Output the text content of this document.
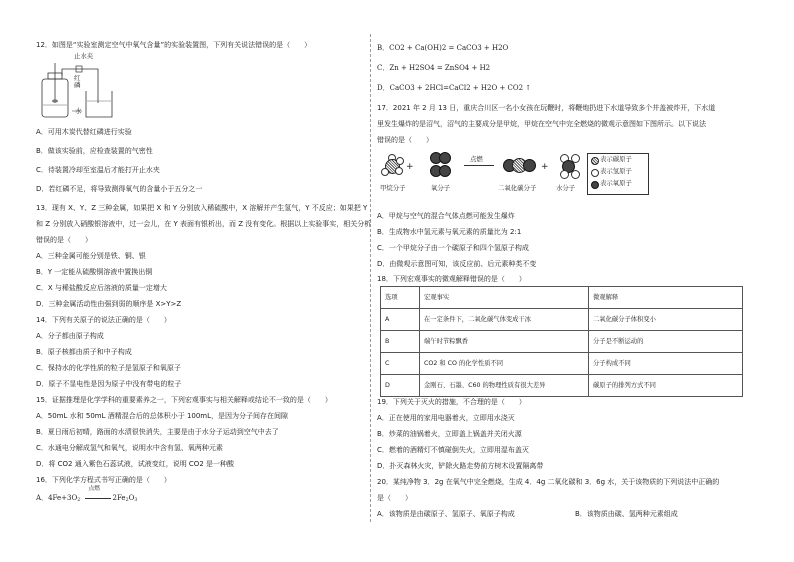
12．如图是“实验室测定空气中氧气含量”的实验装置图，下列有关说法错误的是（　　）
止水夹
红磷
水
A．可用木炭代替红磷进行实验
B．做该实验前，应检查装置的气密性
C．待装置冷却至室温后才能打开止水夹
D．若红磷不足，将导致测得氧气的含量小于五分之一
13．现有 X、Y、Z 三种金属，如果把 X 和 Y 分别放入稀硫酸中，X 溶解并产生氢气，Y 不反应；如果把 Y
和 Z 分别放入硝酸银溶液中，过一会儿，在 Y 表面有银析出，而 Z 没有变化。根据以上实验事实，相关分析
错误的是（　　）
A．三种金属可能分别是铁、铜、银
B．Y 一定能从硫酸铜溶液中置换出铜
C．X 与稀盐酸反应后溶液的质量一定增大
D．三种金属活动性由强到弱的顺序是 X>Y>Z
14．下列有关原子的说法正确的是（　　）
A．分子都由原子构成
B．原子核都由质子和中子构成
C．保持水的化学性质的粒子是氢原子和氧原子
D．原子不显电性是因为原子中没有带电的粒子
15．证据推理是化学学科的重要素养之一，下列宏观事实与相关解释或结论不一致的是（　　）
A．50mL 水和 50mL 酒精混合后的总体积小于 100mL，是因为分子间存在间隙
B．夏日雨后初晴，路面的水渍很快消失，主要是由于水分子运动到空气中去了
C．水通电分解成氢气和氧气，说明水中含有氢、氧两种元素
D．将 CO2 通入紫色石蕊试液，试液变红，说明 CO2 是一种酸
16．下列化学方程式书写正确的是（　　）
A．$4Fe+3O_2$
点燃
$2Fe_2O_3$
B．CO2 + Ca(OH)2 = CaCO3 + H2O
C．Zn + H2SO4 = ZnSO4 + H2
D．CaCO3 + 2HCl=CaCl2 + H2O + CO2 ↑
17．2021 年 2 月 13 日，重庆合川区一名小女孩在玩鞭时，将鞭炮扔进下水道导致多个井盖被炸开，下水道
里发生爆炸的是沼气，沼气的主要成分是甲烷，甲烷在空气中完全燃烧的微观示意图如下图所示。以下说法
错误的是（　　）
甲烷分子
+
氧分子
点燃
二氧化碳分子
+
水分子
表示碳原子
表示氢原子
表示氧原子
A．甲烷与空气的混合气体点燃可能发生爆炸
B．生成物水中氢元素与氧元素的质量比为 2:1
C．一个甲烷分子由一个碳原子和四个氢原子构成
D．由微观示意图可知，该反应前、后元素种类不变
18．下列宏观事实的微观解释错误的是（　　）
选项	宏观事实	微观解释
A	在一定条件下，二氧化碳气体变成干冰	二氧化碳分子体积变小
B	端午时节粽飘香	分子是不断运动的
C	CO2 和 CO 的化学性质不同	分子构成不同
D	金刚石、石墨、C60 的物理性质有很大差异	碳原子的排列方式不同
19．下列关于灭火的措施，不合理的是（　　）
A．正在使用的家用电器着火，立即用水浇灭
B．炒菜的油锅着火，立即盖上锅盖并关闭火源
C．燃着的酒精灯不慎碰倒失火，立即用湿布盖灭
D．扑灭森林火灾，铲除火路走势前方树木设置隔离带
20．某纯净物 3．2g 在氧气中完全燃烧，生成 4．4g 二氧化碳和 3．6g 水，关于该物质的下列说法中正确的
是（　　）
A．该物质是由碳原子、氢原子、氧原子构成	B．该物质由碳、氢两种元素组成
